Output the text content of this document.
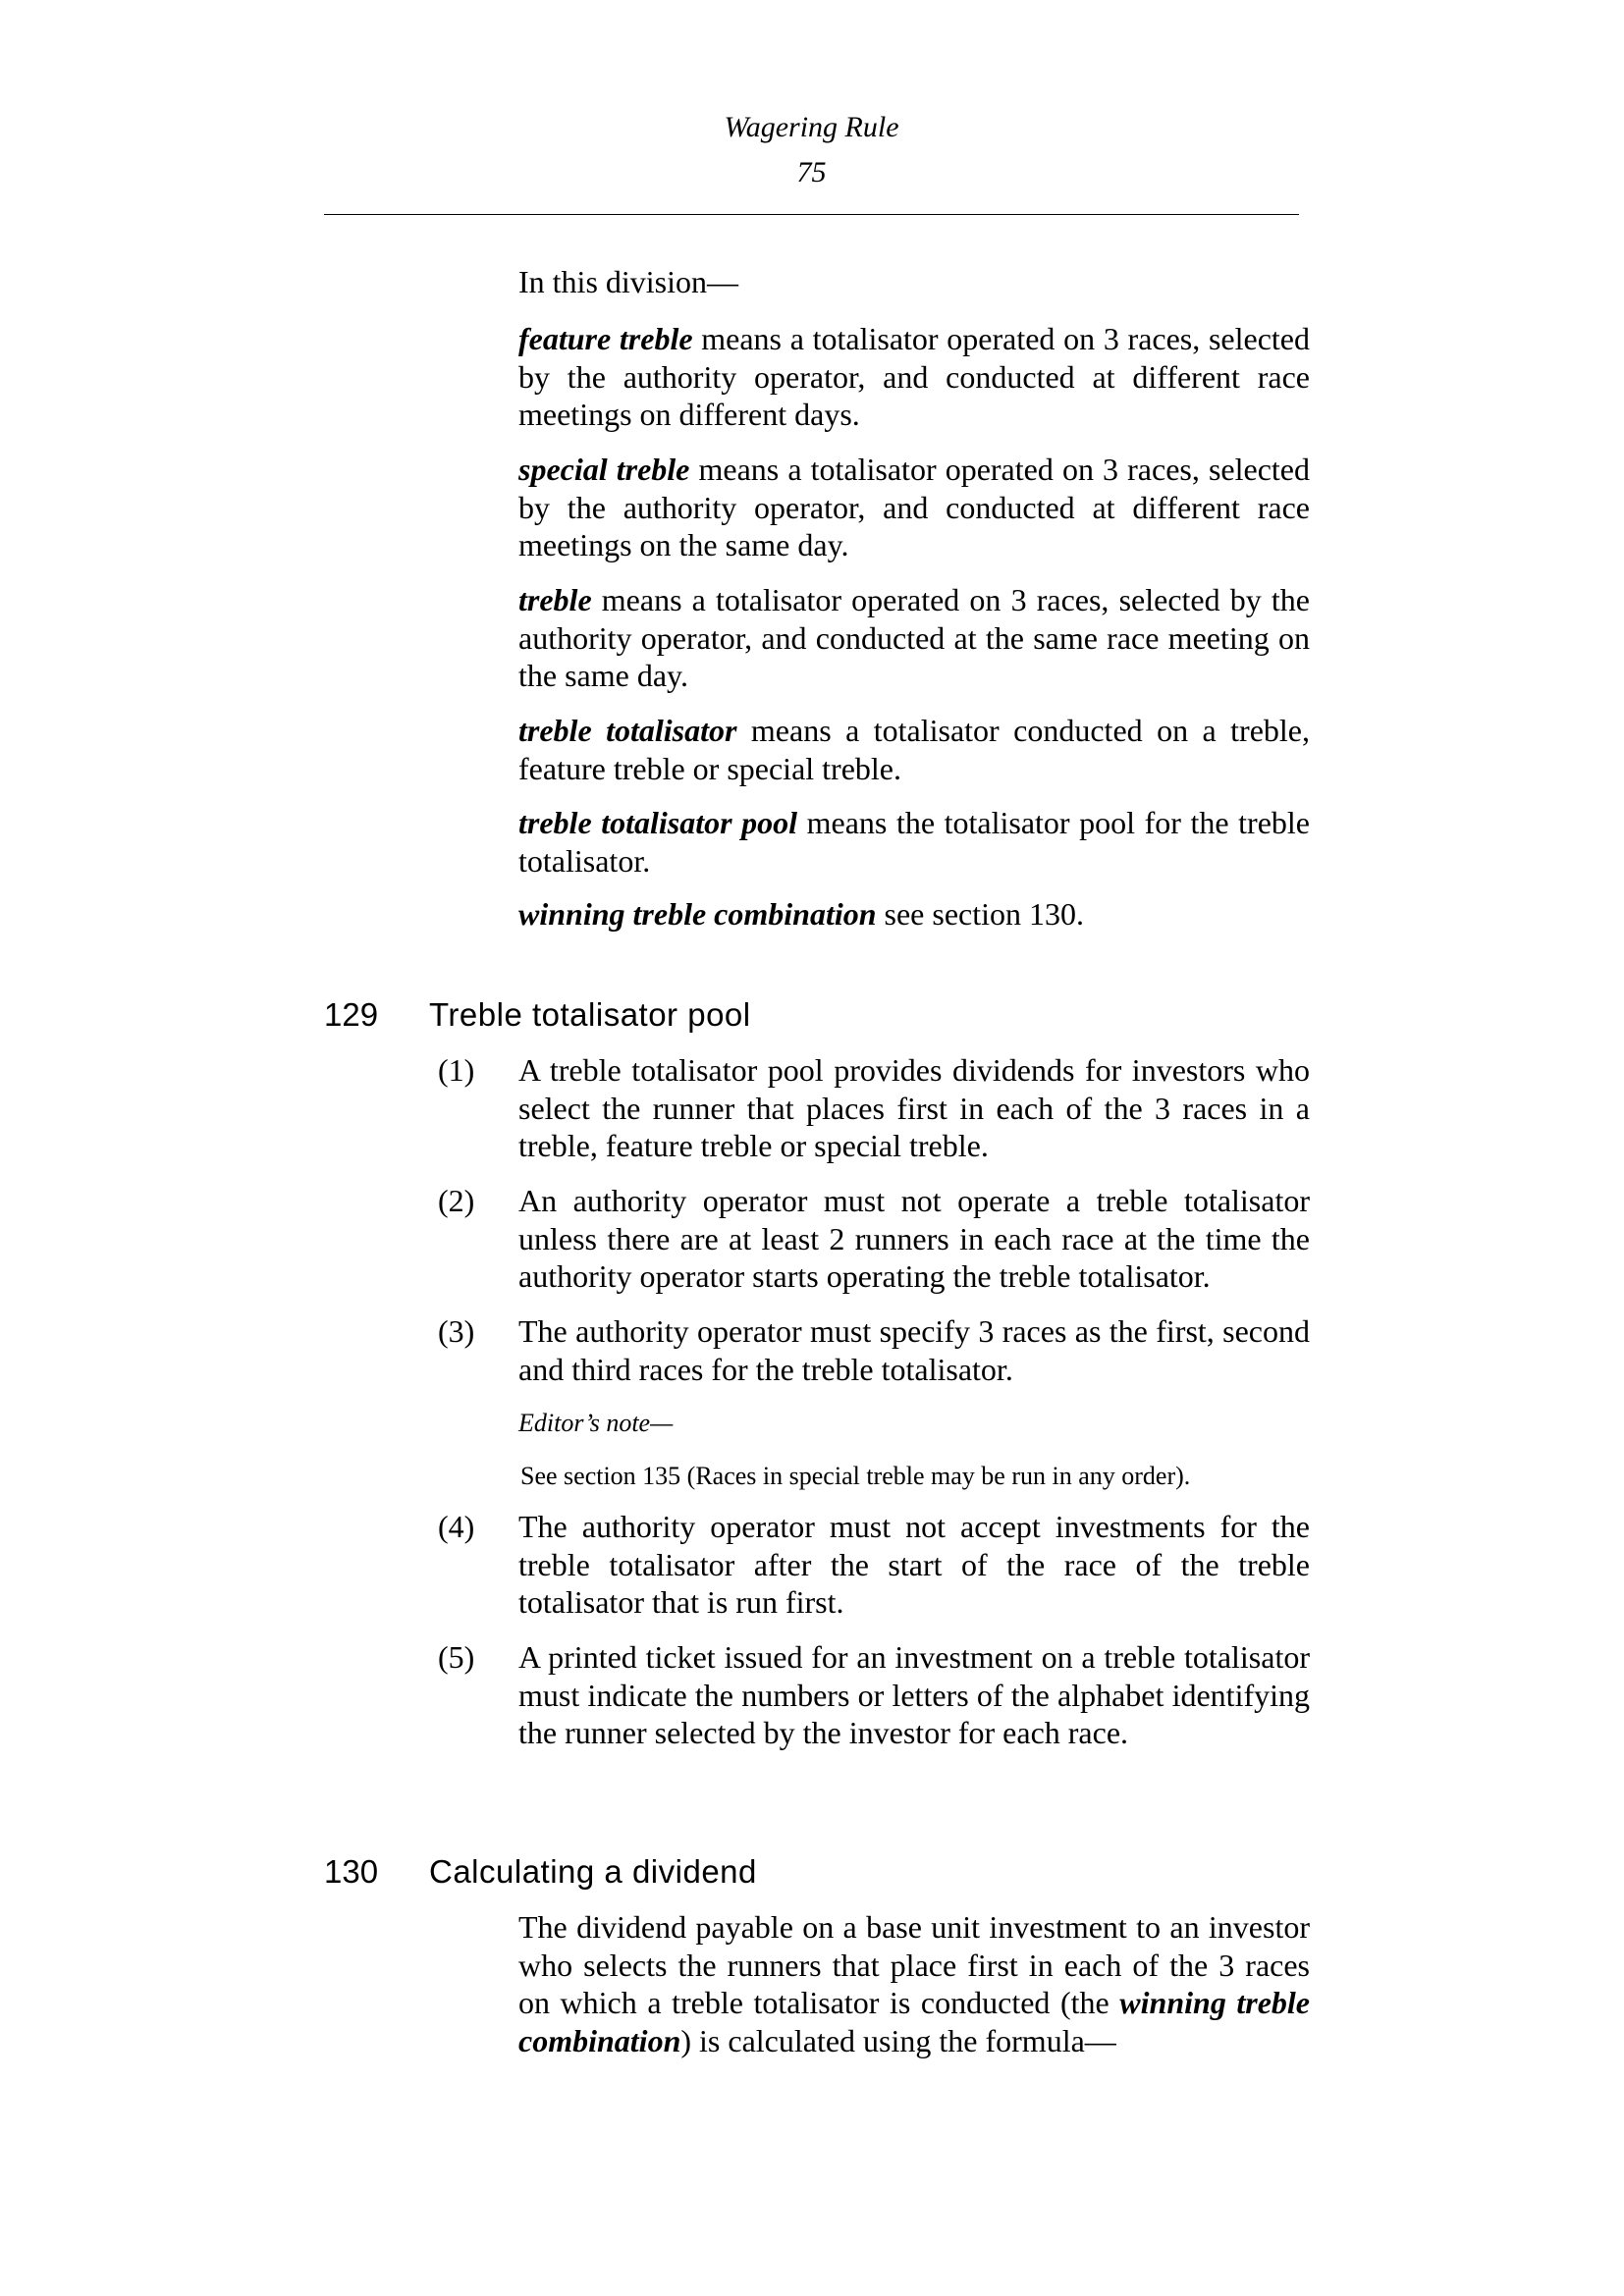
Wagering Rule
75
In this division—

feature treble means a totalisator operated on 3 races, selected by the authority operator, and conducted at different race meetings on different days.

special treble means a totalisator operated on 3 races, selected by the authority operator, and conducted at different race meetings on the same day.

treble means a totalisator operated on 3 races, selected by the authority operator, and conducted at the same race meeting on the same day.

treble totalisator means a totalisator conducted on a treble, feature treble or special treble.

treble totalisator pool means the totalisator pool for the treble totalisator.

winning treble combination see section 130.

129 Treble totalisator pool
(1) A treble totalisator pool provides dividends for investors who select the runner that places first in each of the 3 races in a treble, feature treble or special treble.
(2) An authority operator must not operate a treble totalisator unless there are at least 2 runners in each race at the time the authority operator starts operating the treble totalisator.
(3) The authority operator must specify 3 races as the first, second and third races for the treble totalisator.
Editor’s note—
See section 135 (Races in special treble may be run in any order).
(4) The authority operator must not accept investments for the treble totalisator after the start of the race of the treble totalisator that is run first.
(5) A printed ticket issued for an investment on a treble totalisator must indicate the numbers or letters of the alphabet identifying the runner selected by the investor for each race.
130 Calculating a dividend

The dividend payable on a base unit investment to an investor who selects the runners that place first in each of the 3 races on which a treble totalisator is conducted (the winning treble combination) is calculated using the formula—
